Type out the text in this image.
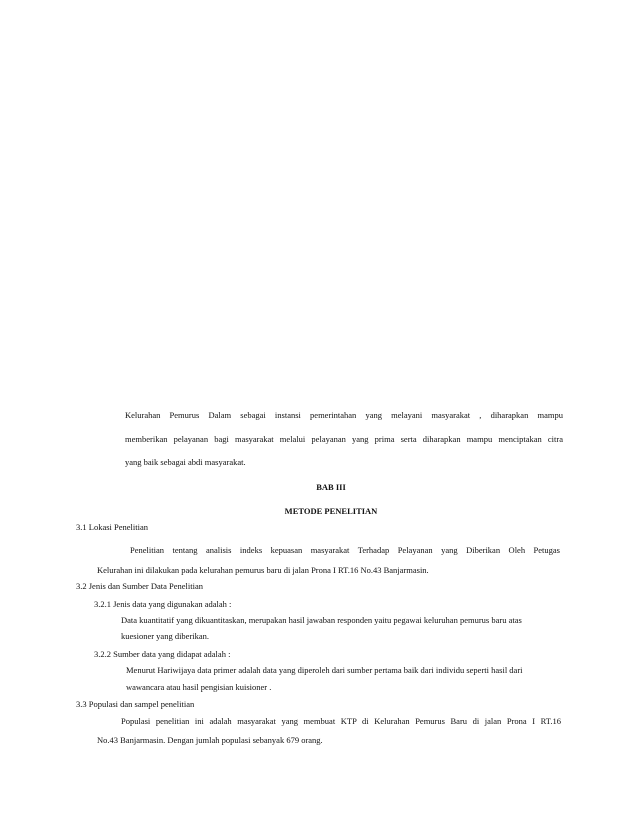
Kelurahan Pemurus Dalam sebagai instansi pemerintahan yang melayani masyarakat , diharapkan mampu
memberikan pelayanan bagi masyarakat melalui pelayanan yang prima serta diharapkan mampu menciptakan citra
yang baik sebagai abdi masyarakat.
BAB III
METODE PENELITIAN
3.1 Lokasi Penelitian
Penelitian tentang analisis indeks kepuasan masyarakat Terhadap Pelayanan yang Diberikan Oleh Petugas
Kelurahan ini dilakukan pada kelurahan pemurus baru di jalan Prona I RT.16 No.43 Banjarmasin.
3.2 Jenis dan Sumber Data Penelitian
3.2.1 Jenis data yang digunakan adalah :
Data kuantitatif yang dikuantitaskan, merupakan hasil jawaban responden yaitu pegawai keluruhan pemurus baru atas
kuesioner yang diberikan.
3.2.2 Sumber data yang didapat adalah :
Menurut Hariwijaya data primer adalah data yang diperoleh dari sumber pertama baik dari individu seperti hasil dari
wawancara atau hasil pengisian kuisioner .
3.3 Populasi dan sampel penelitian
Populasi penelitian ini adalah masyarakat yang membuat KTP di Kelurahan Pemurus Baru di jalan Prona I RT.16
No.43 Banjarmasin. Dengan jumlah populasi sebanyak 679 orang.
